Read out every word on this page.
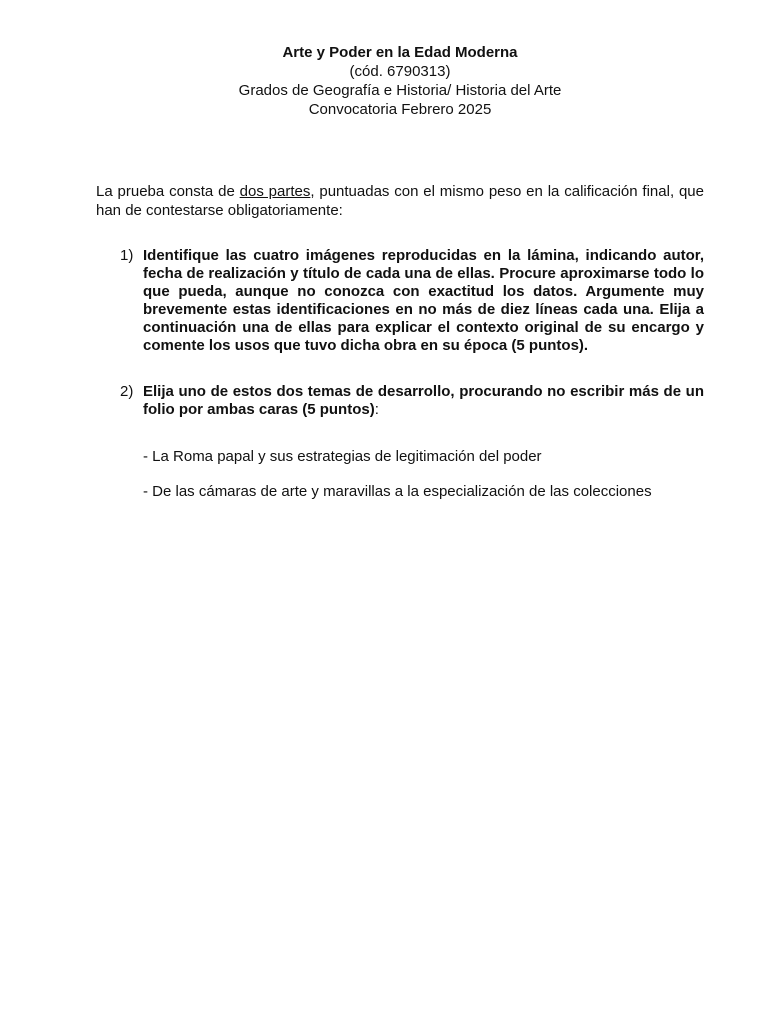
Arte y Poder en la Edad Moderna
(cód. 6790313)
Grados de Geografía e Historia/ Historia del Arte
Convocatoria Febrero 2025
La prueba consta de dos partes, puntuadas con el mismo peso en la calificación final, que han de contestarse obligatoriamente:
1) Identifique las cuatro imágenes reproducidas en la lámina, indicando autor, fecha de realización y título de cada una de ellas. Procure aproximarse todo lo que pueda, aunque no conozca con exactitud los datos. Argumente muy brevemente estas identificaciones en no más de diez líneas cada una. Elija a continuación una de ellas para explicar el contexto original de su encargo y comente los usos que tuvo dicha obra en su época (5 puntos).
2) Elija uno de estos dos temas de desarrollo, procurando no escribir más de un folio por ambas caras (5 puntos):
- La Roma papal y sus estrategias de legitimación del poder
- De las cámaras de arte y maravillas a la especialización de las colecciones
